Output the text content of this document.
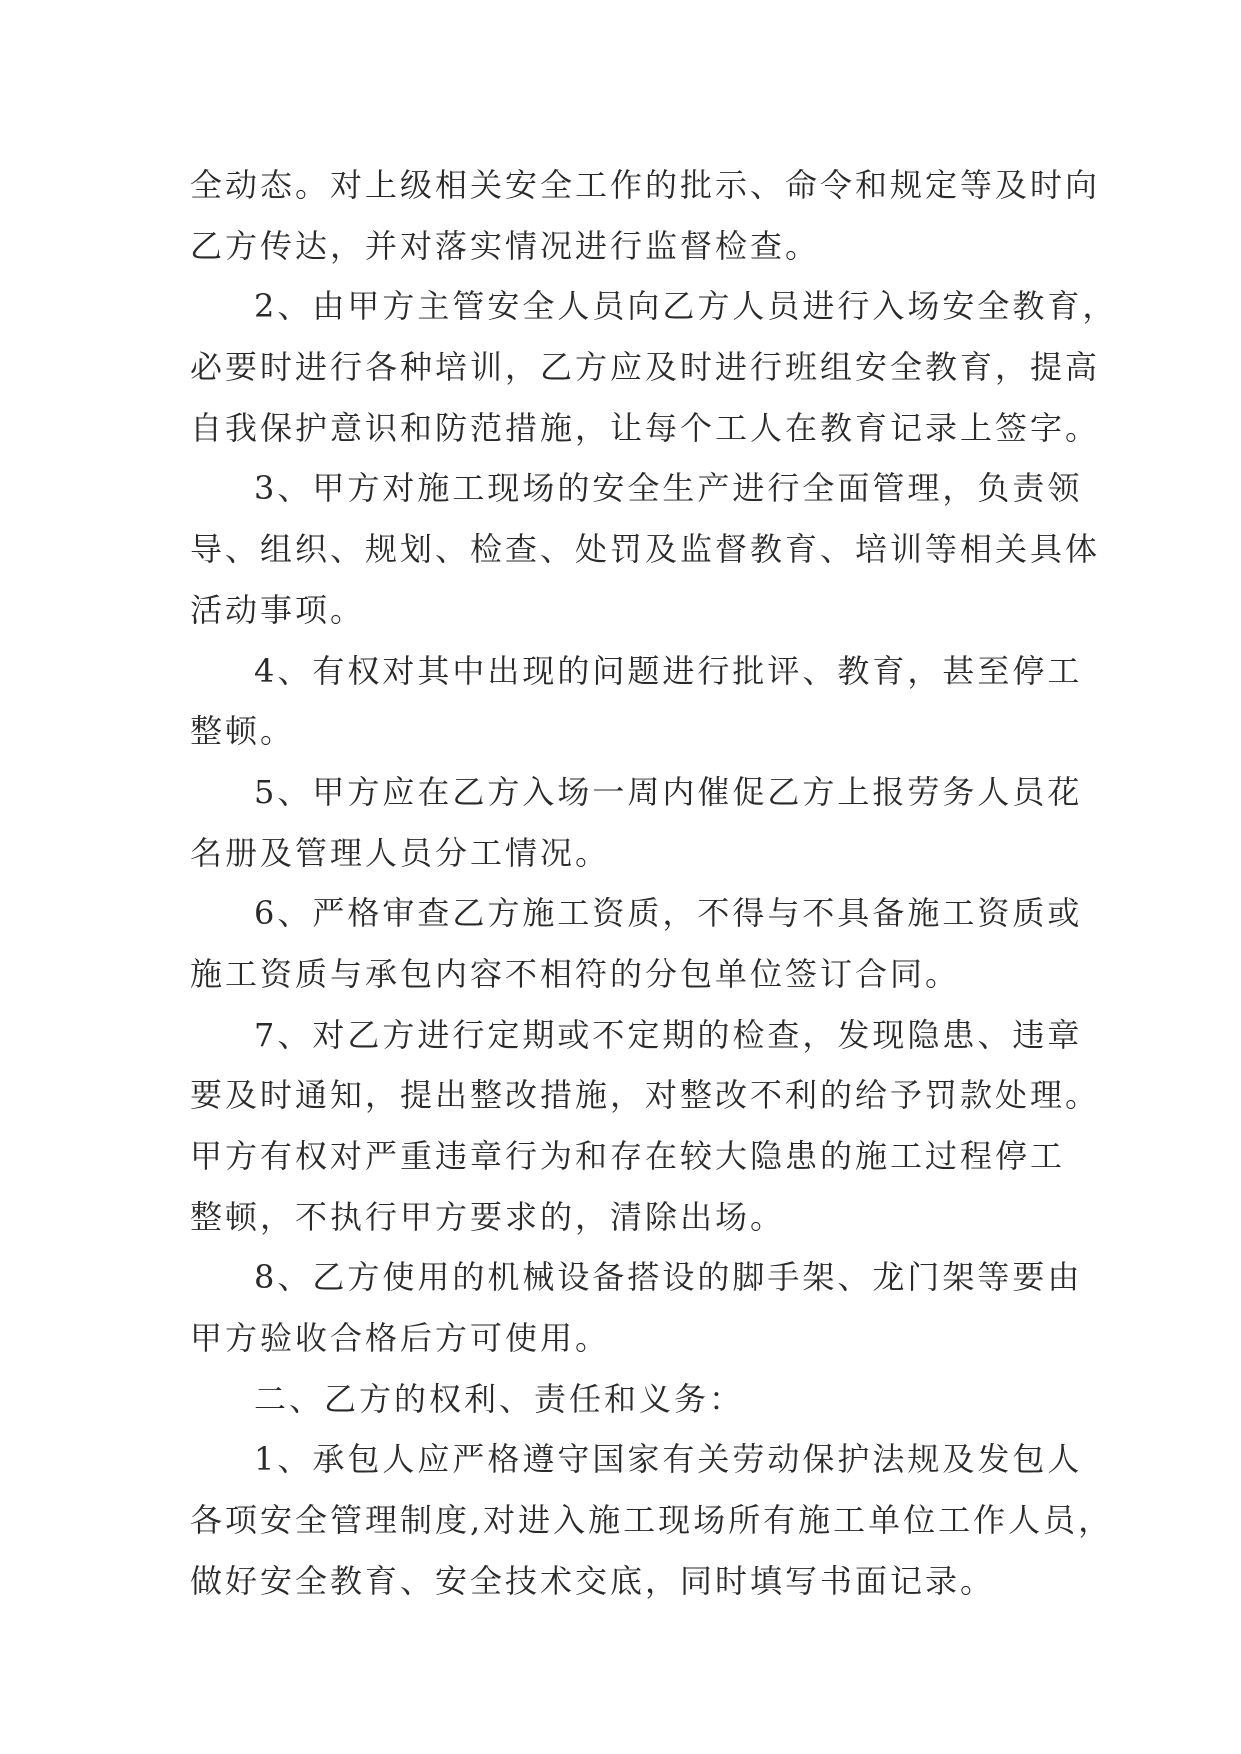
全动态。对上级相关安全工作的批示、命令和规定等及时向
乙方传达，并对落实情况进行监督检查。
2、由甲方主管安全人员向乙方人员进行入场安全教育，
必要时进行各种培训，乙方应及时进行班组安全教育，提高
自我保护意识和防范措施，让每个工人在教育记录上签字。
3、甲方对施工现场的安全生产进行全面管理，负责领
导、组织、规划、检查、处罚及监督教育、培训等相关具体
活动事项。
4、有权对其中出现的问题进行批评、教育，甚至停工
整顿。
5、甲方应在乙方入场一周内催促乙方上报劳务人员花
名册及管理人员分工情况。
6、严格审查乙方施工资质，不得与不具备施工资质或
施工资质与承包内容不相符的分包单位签订合同。
7、对乙方进行定期或不定期的检查，发现隐患、违章
要及时通知，提出整改措施，对整改不利的给予罚款处理。
甲方有权对严重违章行为和存在较大隐患的施工过程停工
整顿，不执行甲方要求的，清除出场。
8、乙方使用的机械设备搭设的脚手架、龙门架等要由
甲方验收合格后方可使用。
二、乙方的权利、责任和义务：
1、承包人应严格遵守国家有关劳动保护法规及发包人
各项安全管理制度,对进入施工现场所有施工单位工作人员，
做好安全教育、安全技术交底，同时填写书面记录。
